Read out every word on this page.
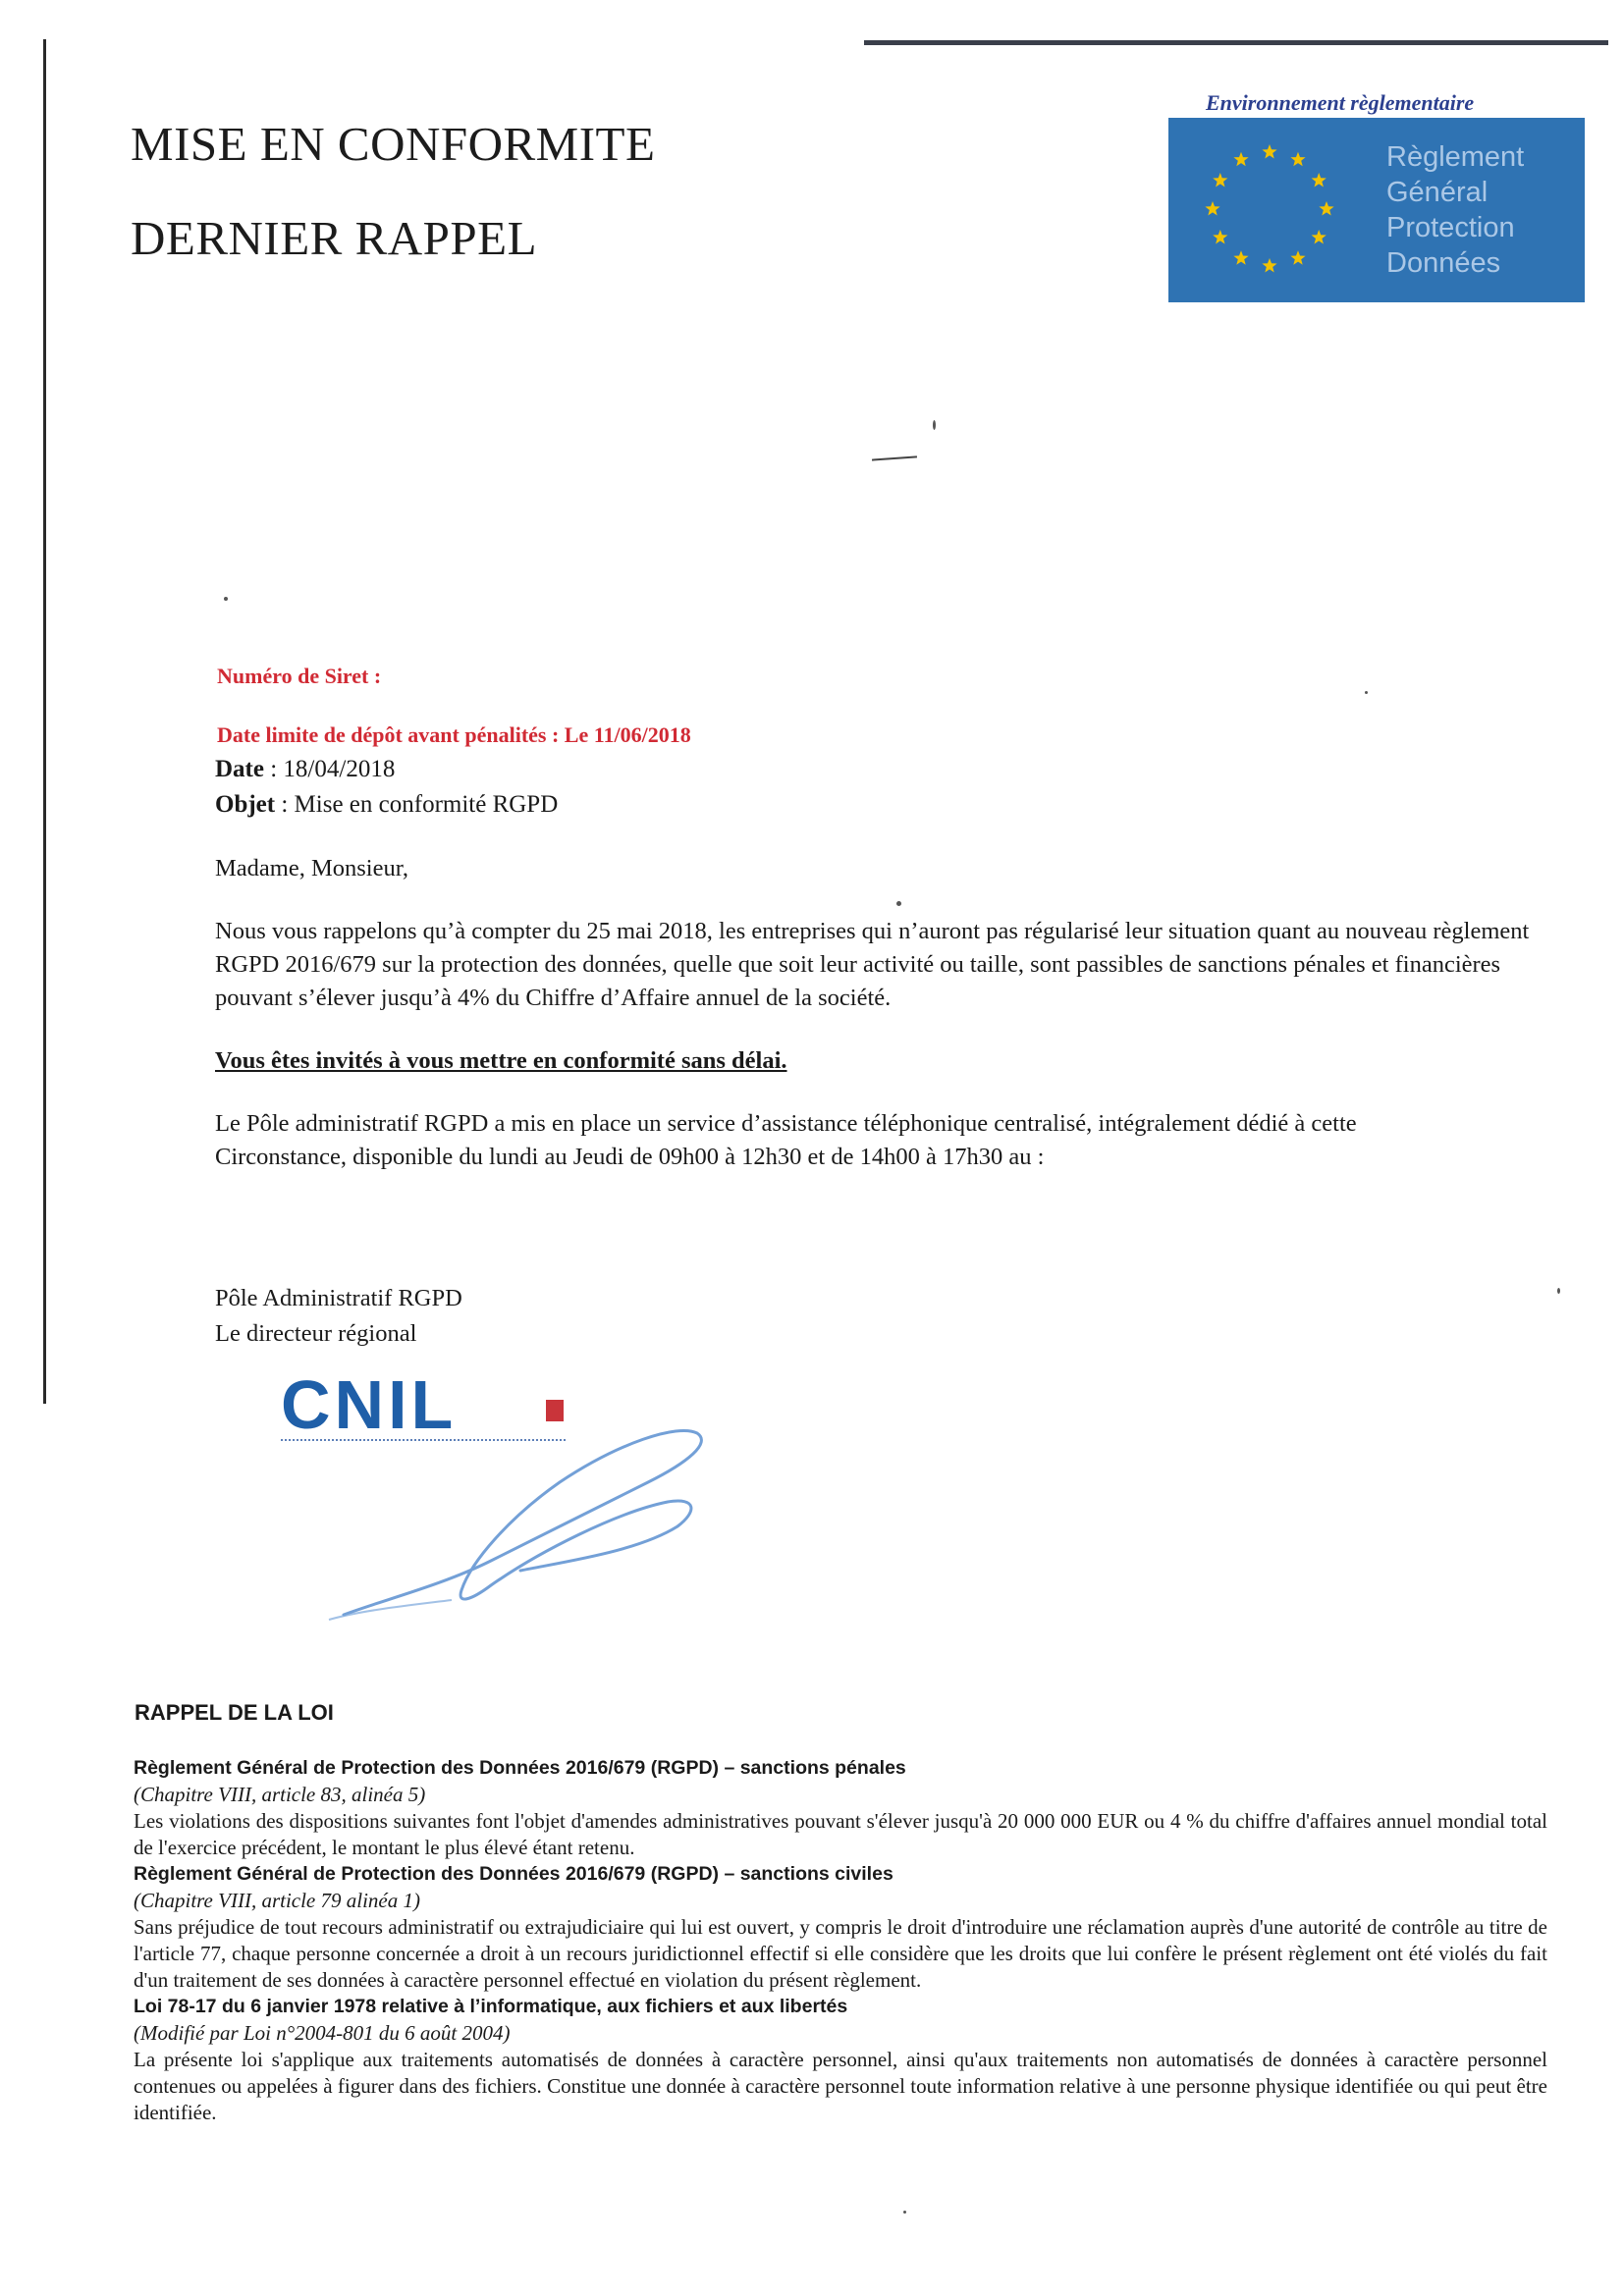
MISE EN CONFORMITE
DERNIER RAPPEL
Environnement règlementaire
Règlement
Général
Protection
Données
Numéro de Siret :
Date limite de dépôt avant pénalités : Le 11/06/2018
Date : 18/04/2018
Objet : Mise en conformité RGPD
Madame, Monsieur,
Nous vous rappelons qu’à compter du 25 mai 2018, les entreprises qui n’auront pas régularisé leur situation quant au nouveau règlement RGPD 2016/679 sur la protection des données, quelle que soit leur activité ou taille, sont passibles de sanctions pénales et financières pouvant s’élever jusqu’à 4% du Chiffre d’Affaire annuel de la société.
Vous êtes invités à vous mettre en conformité sans délai.
Le Pôle administratif RGPD a mis en place un service d’assistance téléphonique centralisé, intégralement dédié à cette Circonstance, disponible du lundi au Jeudi de 09h00 à 12h30 et de 14h00 à 17h30 au :
Pôle Administratif RGPD
Le directeur régional
CNIL
RAPPEL DE LA LOI
Règlement Général de Protection des Données 2016/679 (RGPD) – sanctions pénales
(Chapitre VIII, article 83, alinéa 5)
Les violations des dispositions suivantes font l'objet d'amendes administratives pouvant s'élever jusqu'à 20 000 000 EUR ou 4 % du chiffre d'affaires annuel mondial total de l'exercice précédent, le montant le plus élevé étant retenu.
Règlement Général de Protection des Données 2016/679 (RGPD) – sanctions civiles
(Chapitre VIII, article 79 alinéa 1)
Sans préjudice de tout recours administratif ou extrajudiciaire qui lui est ouvert, y compris le droit d'introduire une réclamation auprès d'une autorité de contrôle au titre de l'article 77, chaque personne concernée a droit à un recours juridictionnel effectif si elle considère que les droits que lui confère le présent règlement ont été violés du fait d'un traitement de ses données à caractère personnel effectué en violation du présent règlement.
Loi 78-17 du 6 janvier 1978 relative à l’informatique, aux fichiers et aux libertés
(Modifié par Loi n°2004-801 du 6 août 2004)
La présente loi s'applique aux traitements automatisés de données à caractère personnel, ainsi qu'aux traitements non automatisés de données à caractère personnel contenues ou appelées à figurer dans des fichiers. Constitue une donnée à caractère personnel toute information relative à une personne physique identifiée ou qui peut être identifiée.
